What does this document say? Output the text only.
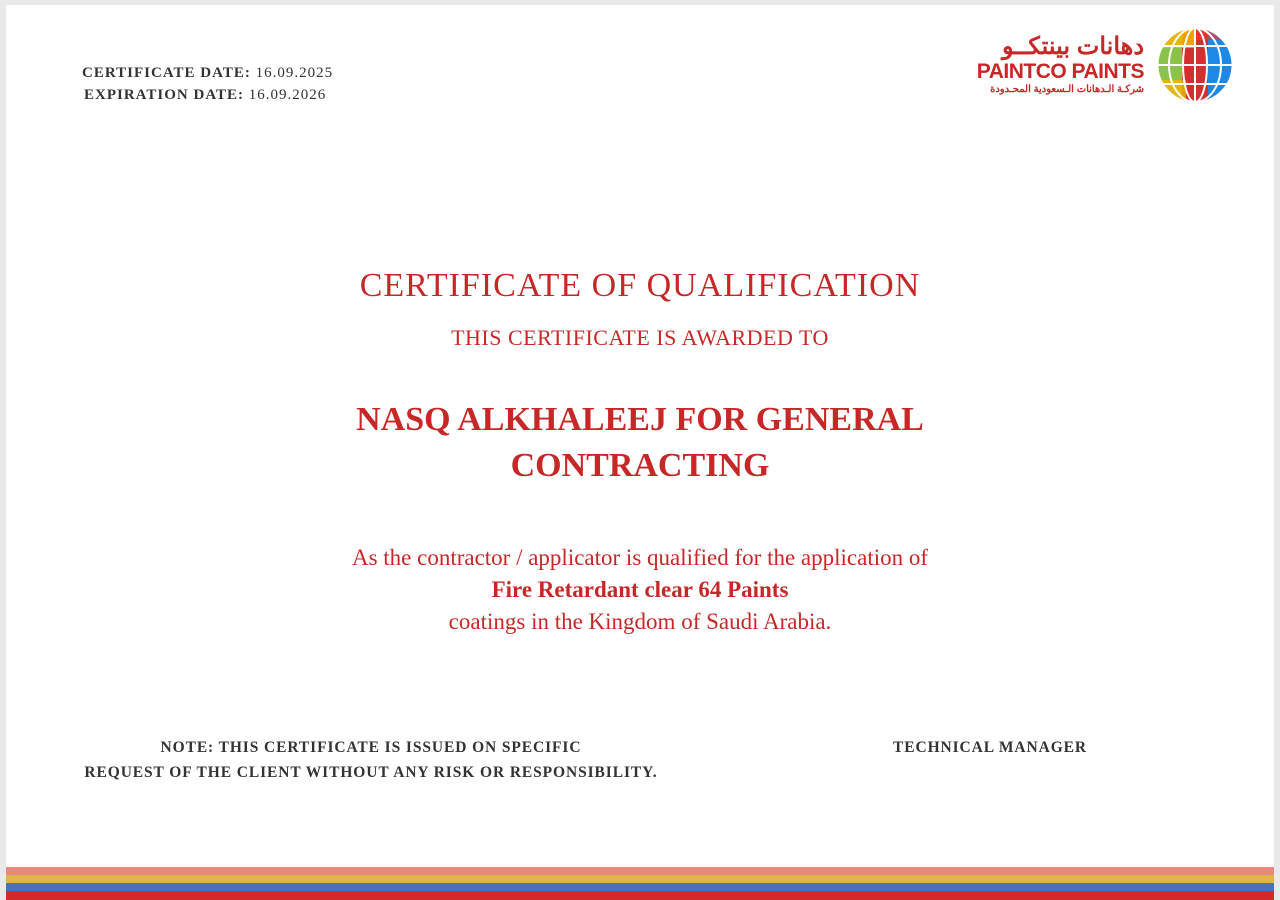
CERTIFICATE DATE: 16.09.2025
EXPIRATION DATE: 16.09.2026
دهانات بينتكــو
PAINTCO PAINTS
شركـة الـدهانات الـسعودية المحـدودة
CERTIFICATE OF QUALIFICATION
THIS CERTIFICATE IS AWARDED TO
NASQ ALKHALEEJ FOR GENERAL
CONTRACTING
As the contractor / applicator is qualified for the application of
Fire Retardant clear 64 Paints
coatings in the Kingdom of Saudi Arabia.
NOTE: THIS CERTIFICATE IS ISSUED ON SPECIFIC
REQUEST OF THE CLIENT WITHOUT ANY RISK OR RESPONSIBILITY.
TECHNICAL MANAGER
